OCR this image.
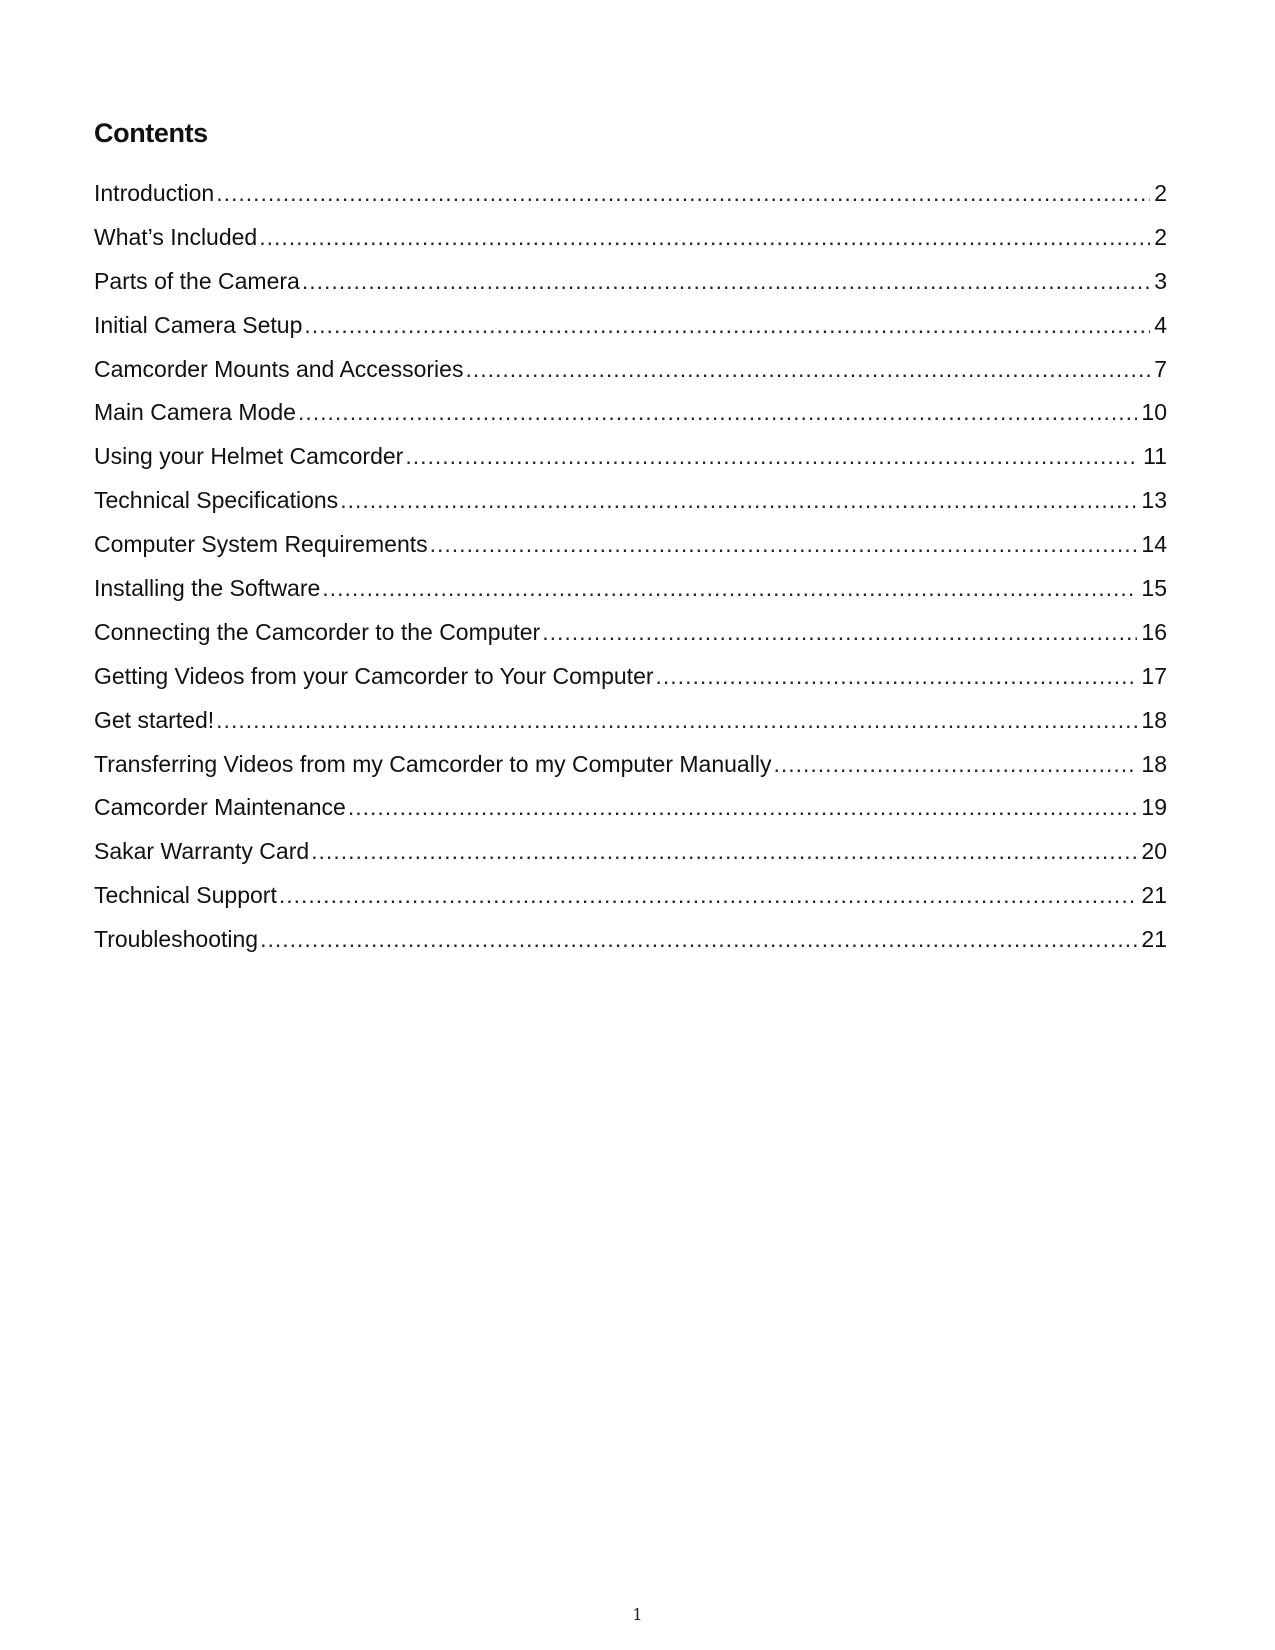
Contents
Introduction .....	2
What’s Included .....	2
Parts of the Camera .....	3
Initial Camera Setup .....	4
Camcorder Mounts and Accessories .....	7
Main Camera Mode .....	10
Using your Helmet Camcorder .....	11
Technical Specifications .....	13
Computer System Requirements .....	14
Installing the Software .....	15
Connecting the Camcorder to the Computer .....	16
Getting Videos from your Camcorder to Your Computer .....	17
Get started! .....	18
Transferring Videos from my Camcorder to my Computer Manually .....	18
Camcorder Maintenance .....	19
Sakar Warranty Card .....	20
Technical Support .....	21
Troubleshooting .....	21
1
